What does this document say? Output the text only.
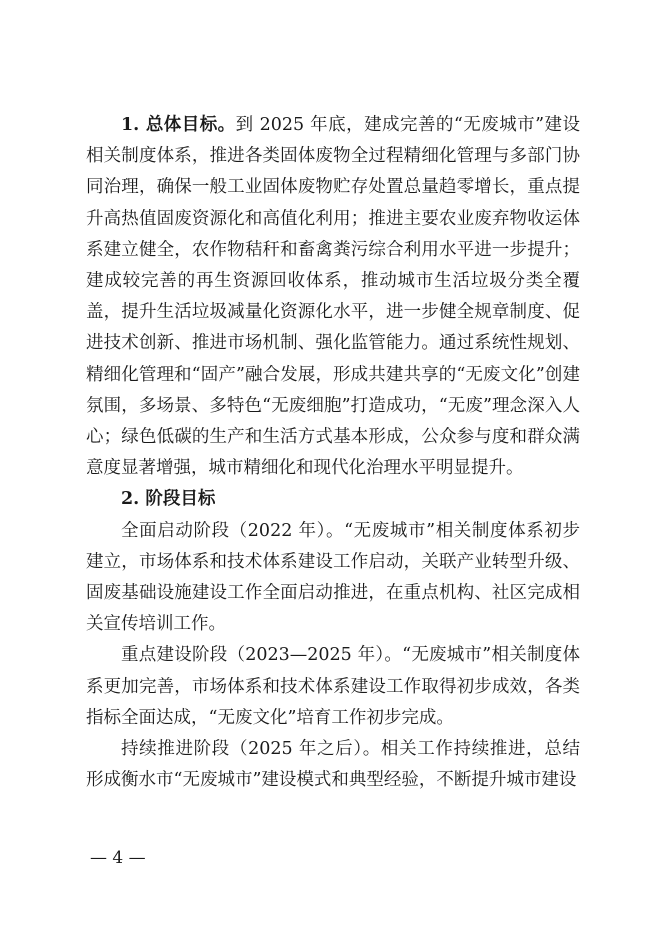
1. 总体目标。到 2025 年底，建成完善的“无废城市”建设相关制度体系，推进各类固体废物全过程精细化管理与多部门协同治理，确保一般工业固体废物贮存处置总量趋零增长，重点提升高热值固废资源化和高值化利用；推进主要农业废弃物收运体系建立健全，农作物秸秆和畜禽粪污综合利用水平进一步提升；建成较完善的再生资源回收体系，推动城市生活垃圾分类全覆盖，提升生活垃圾减量化资源化水平，进一步健全规章制度、促进技术创新、推进市场机制、强化监管能力。通过系统性规划、精细化管理和“固产”融合发展，形成共建共享的“无废文化”创建氛围，多场景、多特色“无废细胞”打造成功，“无废”理念深入人心；绿色低碳的生产和生活方式基本形成，公众参与度和群众满意度显著增强，城市精细化和现代化治理水平明显提升。

2. 阶段目标

全面启动阶段（2022 年）。“无废城市”相关制度体系初步建立，市场体系和技术体系建设工作启动，关联产业转型升级、固废基础设施建设工作全面启动推进，在重点机构、社区完成相关宣传培训工作。

重点建设阶段（2023—2025 年）。“无废城市”相关制度体系更加完善，市场体系和技术体系建设工作取得初步成效，各类指标全面达成，“无废文化”培育工作初步完成。

持续推进阶段（2025 年之后）。相关工作持续推进，总结形成衡水市“无废城市”建设模式和典型经验，不断提升城市建设

— 4 —
